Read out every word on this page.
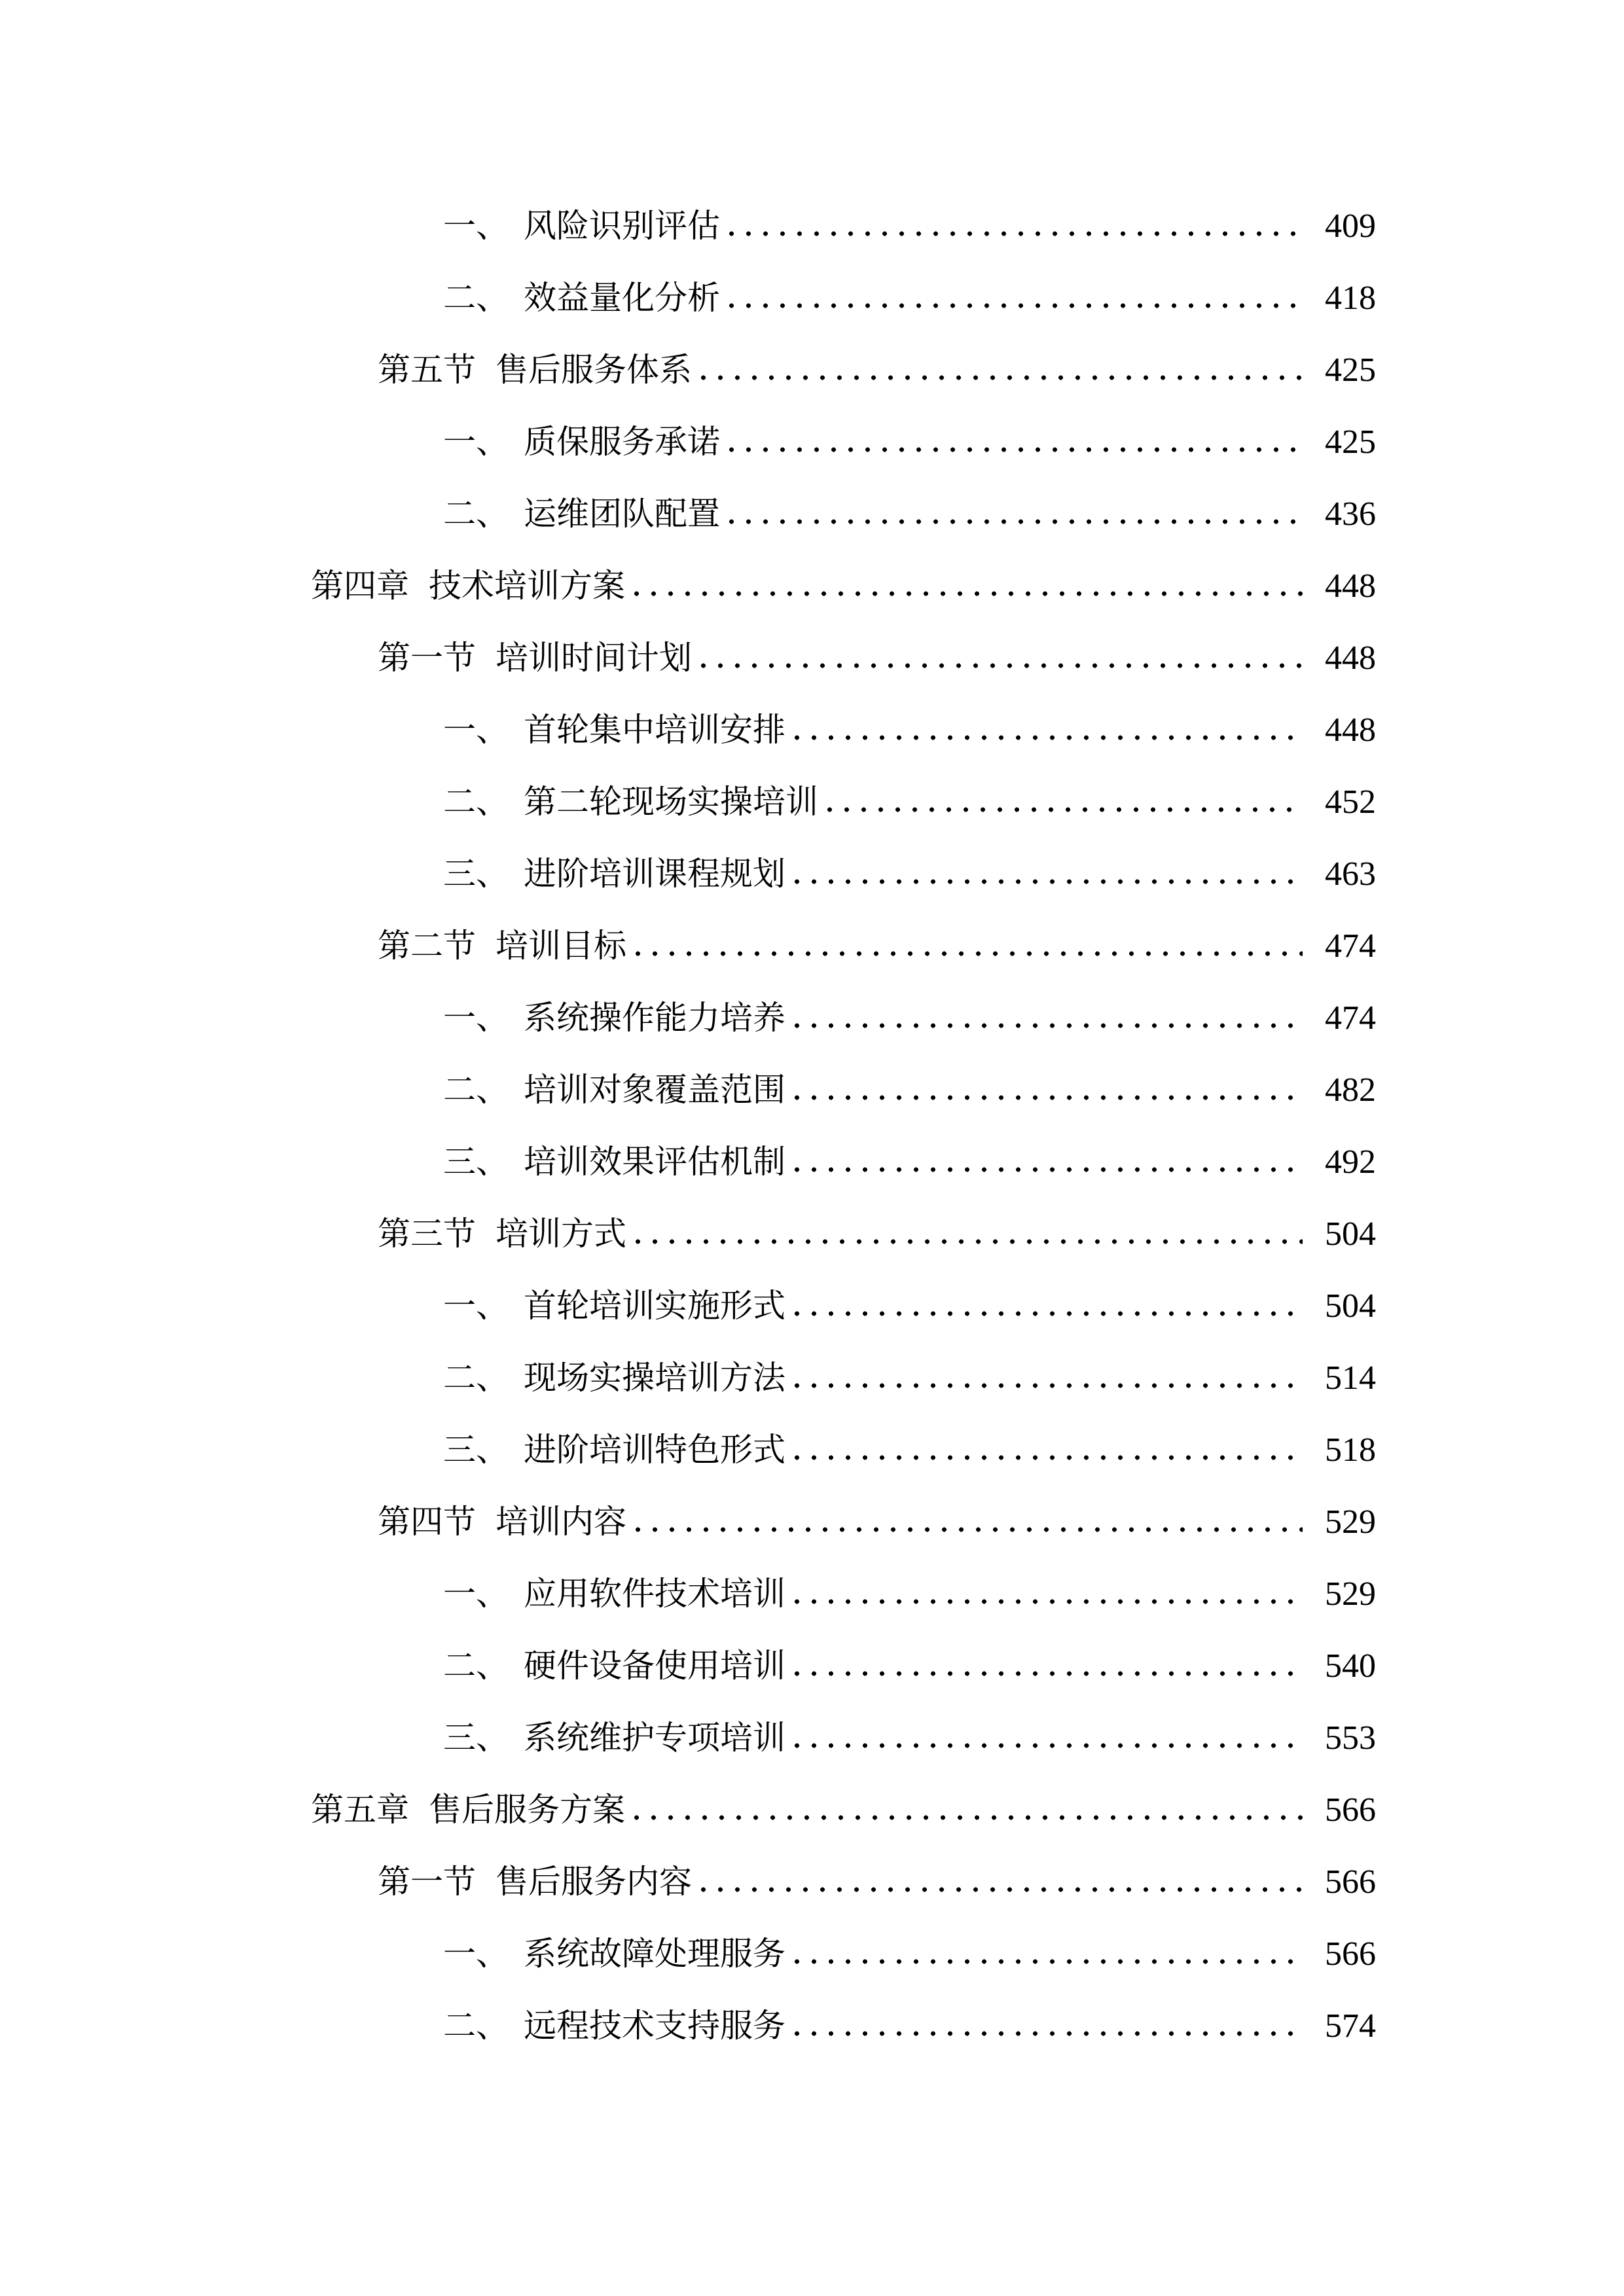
一、 风险识别评估	409
二、 效益量化分析	418
第五节 售后服务体系	425
一、 质保服务承诺	425
二、 运维团队配置	436
第四章 技术培训方案	448
第一节 培训时间计划	448
一、 首轮集中培训安排	448
二、 第二轮现场实操培训	452
三、 进阶培训课程规划	463
第二节 培训目标	474
一、 系统操作能力培养	474
二、 培训对象覆盖范围	482
三、 培训效果评估机制	492
第三节 培训方式	504
一、 首轮培训实施形式	504
二、 现场实操培训方法	514
三、 进阶培训特色形式	518
第四节 培训内容	529
一、 应用软件技术培训	529
二、 硬件设备使用培训	540
三、 系统维护专项培训	553
第五章 售后服务方案	566
第一节 售后服务内容	566
一、 系统故障处理服务	566
二、 远程技术支持服务	574
